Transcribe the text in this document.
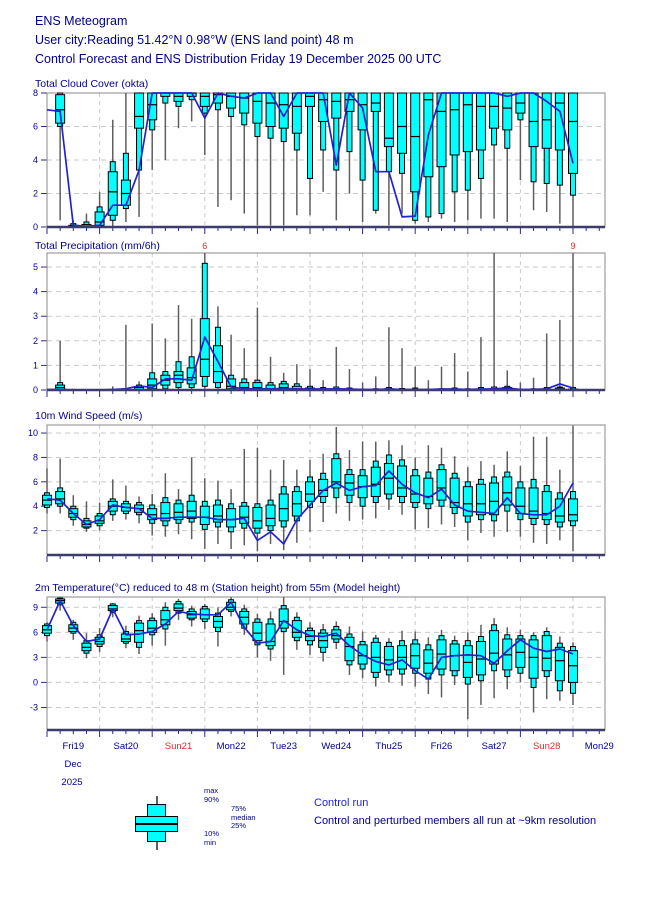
ENS Meteogram
User city:Reading 51.42°N 0.98°W (ENS land point) 48 m
Control Forecast and ENS Distribution Friday 19 December 2025 00 UTC
Total Cloud Cover (okta)
Total Precipitation (mm/6h)
10m Wind Speed (m/s)
2m Temperature(°C) reduced to 48 m (Station height) from 55m (Model height)
0
2
4
6
8
0
1
2
3
4
5
6	9
2
4
6
8
10
-3
0
3
6
9
Fri19	Sat20	Sun21	Mon22	Tue23	Wed24	Thu25	Fri26	Sat27	Sun28	Mon29
Dec
2025
max
90%
75%
median
25%
10%
min
Control run
Control and perturbed members all run at ~9km resolution
